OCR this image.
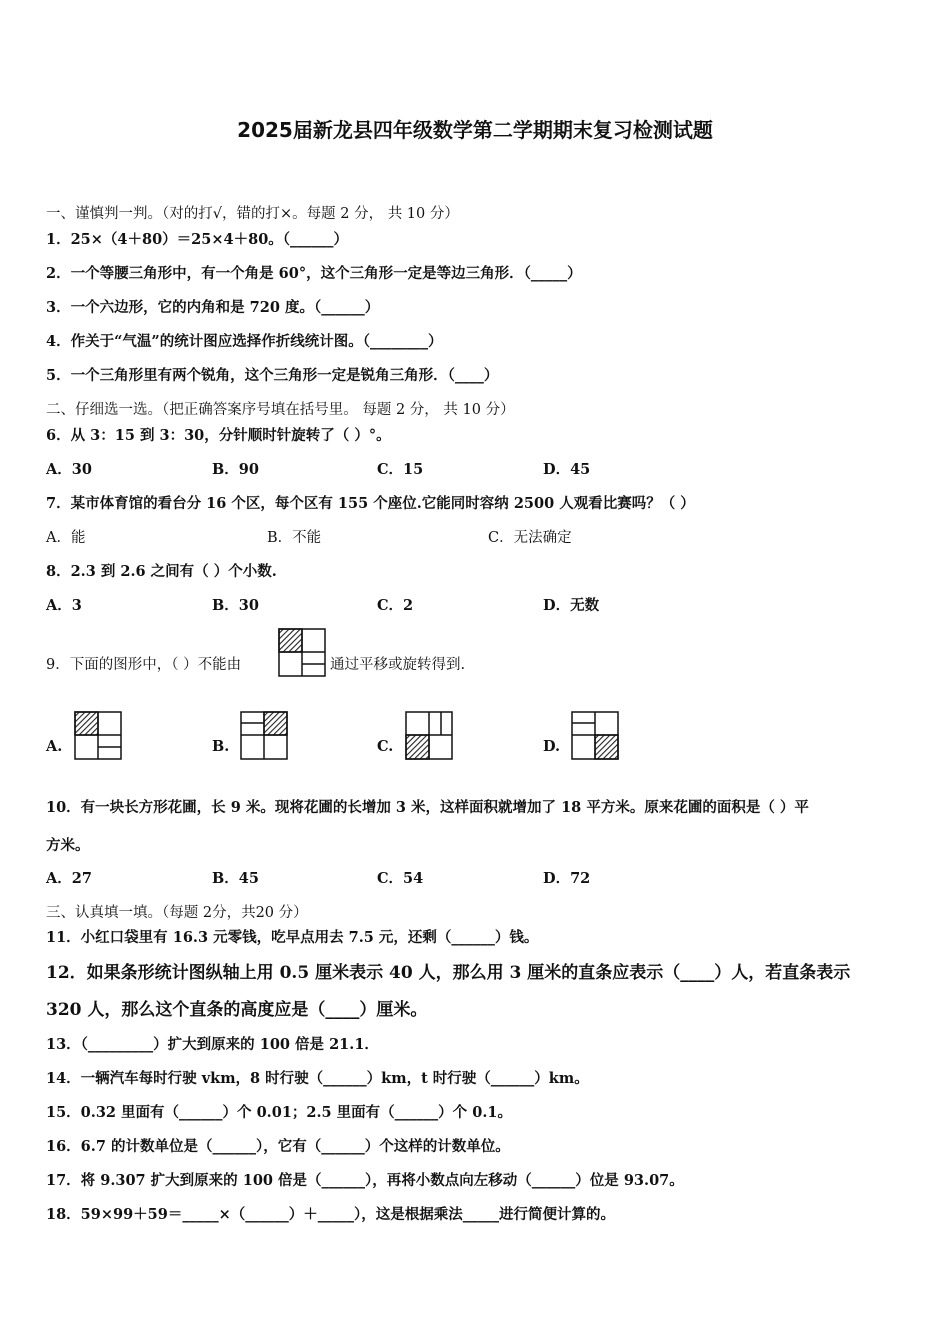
2025届新龙县四年级数学第二学期期末复习检测试题
一、谨慎判一判。（对的打√，错的打×。每题 2 分， 共 10 分）
1．25×（4＋80）＝25×4＋80。（______）
2．一个等腰三角形中，有一个角是 60°，这个三角形一定是等边三角形．（_____）
3．一个六边形，它的内角和是 720 度。（______）
4．作关于“气温”的统计图应选择作折线统计图。（________）
5．一个三角形里有两个锐角，这个三角形一定是锐角三角形．（____）
二、仔细选一选。（把正确答案序号填在括号里。 每题 2 分， 共 10 分）
6．从 3：15 到 3：30，分针顺时针旋转了（ ）°。
A．30	B．90	C．15	D．45
7．某市体育馆的看台分 16 个区，每个区有 155 个座位.它能同时容纳 2500 人观看比赛吗？（ ）
A．能	B．不能	C．无法确定
8．2.3 到 2.6 之间有（ ）个小数.
A．3	B．30	C．2	D．无数
9．下面的图形中，（ ）不能由	通过平移或旋转得到.
A.	B.	C.	D.
10．有一块长方形花圃，长 9 米。现将花圃的长增加 3 米，这样面积就增加了 18 平方米。原来花圃的面积是（ ）平
方米。
A．27	B．45	C．54	D．72
三、认真填一填。（每题 2分，共20 分）
11．小红口袋里有 16.3 元零钱，吃早点用去 7.5 元，还剩（______）钱。
12．如果条形统计图纵轴上用 0.5 厘米表示 40 人，那么用 3 厘米的直条应表示（____）人，若直条表示
320 人，那么这个直条的高度应是（____）厘米。
13．（_________）扩大到原来的 100 倍是 21.1．
14．一辆汽车每时行驶 vkm，8 时行驶（______）km，t 时行驶（______）km。
15．0.32 里面有（______）个 0.01；2.5 里面有（______）个 0.1。
16．6.7 的计数单位是（______），它有（______）个这样的计数单位。
17．将 9.307 扩大到原来的 100 倍是（______），再将小数点向左移动（______）位是 93.07。
18．59×99＋59＝_____×（______）＋_____），这是根据乘法_____进行简便计算的。
